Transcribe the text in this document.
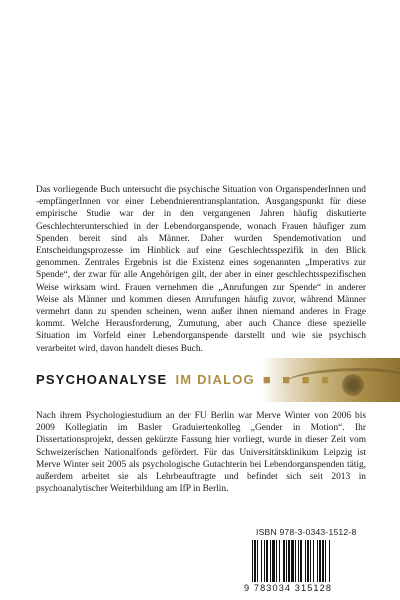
Das vorliegende Buch untersucht die psychische Situation von OrganspenderInnen und -empfängerInnen vor einer Lebendnierentransplantation. Ausgangspunkt für diese empirische Studie war der in den vergangenen Jahren häufig diskutierte Geschlechterunterschied in der Lebendorganspende, wonach Frauen häufiger zum Spenden bereit sind als Männer. Daher wurden Spendemotivation und Entscheidungsprozesse im Hinblick auf eine Geschlechtsspezifik in den Blick genommen. Zentrales Ergebnis ist die Existenz eines sogenannten „Imperativs zur Spende“, der zwar für alle Angehörigen gilt, der aber in einer geschlechtsspezifischen Weise wirksam wird. Frauen vernehmen die „Anrufungen zur Spende“ in anderer Weise als Männer und kommen diesen Anrufungen häufig zuvor, während Männer vermehrt dann zu spenden scheinen, wenn außer ihnen niemand anderes in Frage kommt. Welche Herausforderung, Zumutung, aber auch Chance diese spezielle Situation im Vorfeld einer Lebendorganspende darstellt und wie sie psychisch verarbeitet wird, davon handelt dieses Buch.

PSYCHOANALYSE IM DIALOG ■ ■ ■ ■

Nach ihrem Psychologiestudium an der FU Berlin war Merve Winter von 2006 bis 2009 Kollegiatin im Basler Graduiertenkolleg „Gender in Motion“. Ihr Dissertationsprojekt, dessen gekürzte Fassung hier vorliegt, wurde in dieser Zeit vom Schweizerischen Nationalfonds gefördert. Für das Universitätsklinikum Leipzig ist Merve Winter seit 2005 als psychologische Gutachterin bei Lebendorganspenden tätig, außerdem arbeitet sie als Lehrbeauftragte und befindet sich seit 2013 in psychoanalytischer Weiterbildung am IfP in Berlin.

ISBN 978-3-0343-1512-8

9 783034 315128
